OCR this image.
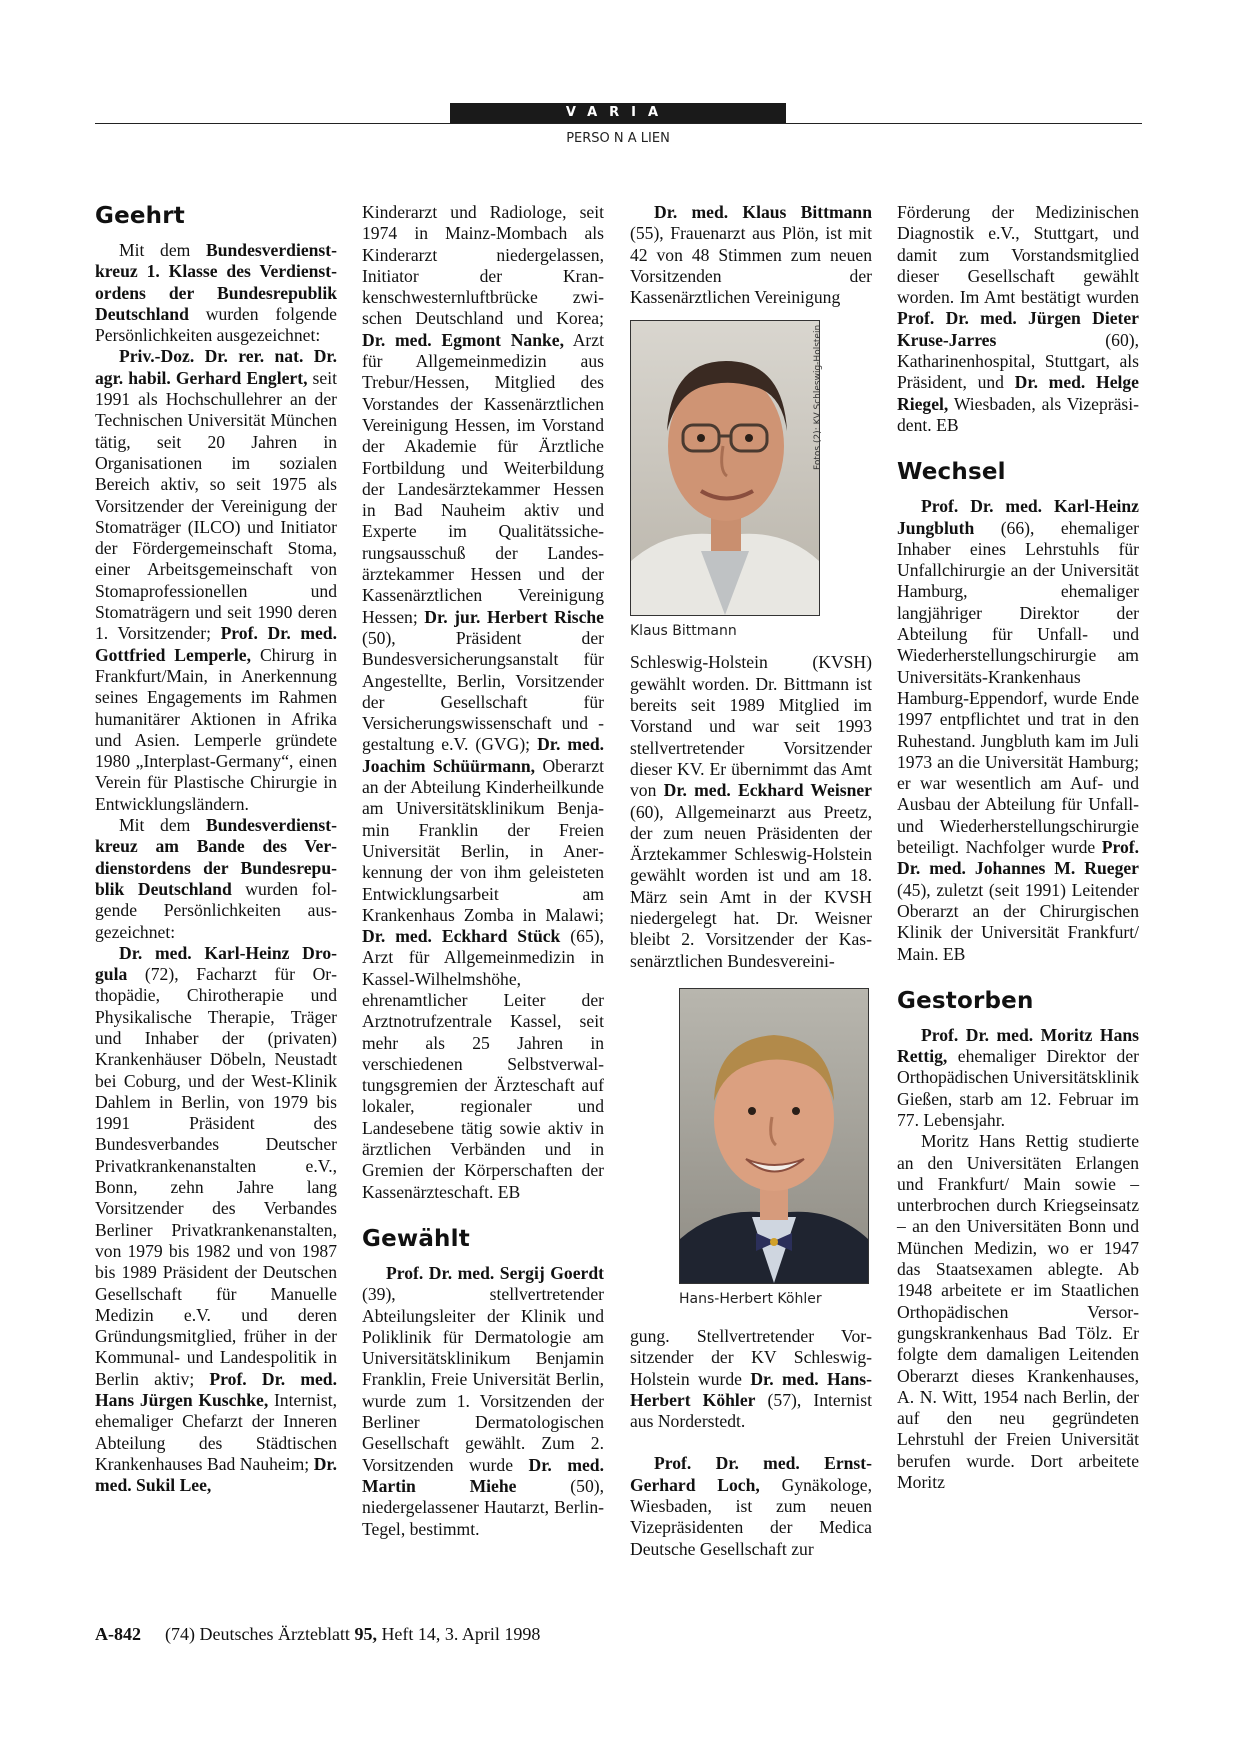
VARIA
PERSO N A LIEN
Geehrt

Mit dem Bundesverdienstkreuz 1. Klasse des Verdienstordens der Bundesrepublik Deutschland wurden folgende Persönlichkeiten ausgezeichnet:

Priv.-Doz. Dr. rer. nat. Dr. agr. habil. Gerhard Englert, seit 1991 als Hochschullehrer an der Technischen Universität München tätig, seit 20 Jahren in Organisationen im sozialen Bereich aktiv, so seit 1975 als Vorsitzender der Vereinigung der Stomaträger (ILCO) und Initiator der Fördergemeinschaft Stoma, einer Arbeitsgemeinschaft von Stomaprofessionellen und Stomaträgern und seit 1990 deren 1. Vorsitzender; Prof. Dr. med. Gottfried Lemperle, Chirurg in Frankfurt/Main, in Anerkennung seines Engagements im Rahmen humanitärer Aktionen in Afrika und Asien. Lemperle gründete 1980 „Interplast-Germany“, einen Verein für Plastische Chirurgie in Entwicklungsländern.

Mit dem Bundesverdienstkreuz am Bande des Verdienstordens der Bundesrepublik Deutschland wurden folgende Persönlichkeiten ausgezeichnet:

Dr. med. Karl-Heinz Drogula (72), Facharzt für Orthopädie, Chirotherapie und Physikalische Therapie, Träger und Inhaber der (privaten) Krankenhäuser Döbeln, Neustadt bei Coburg, und der West-Klinik Dahlem in Berlin, von 1979 bis 1991 Präsident des Bundesverbandes Deutscher Privatkrankenanstalten e.V., Bonn, zehn Jahre lang Vorsitzender des Verbandes Berliner Privatkrankenanstalten, von 1979 bis 1982 und von 1987 bis 1989 Präsident der Deutschen Gesellschaft für Manuelle Medizin e.V. und deren Gründungsmitglied, früher in der Kommunal- und Landespolitik in Berlin aktiv; Prof. Dr. med. Hans Jürgen Kuschke, Internist, ehemaliger Chefarzt der Inneren Abteilung des Städtischen Krankenhauses Bad Nauheim; Dr. med. Sukil Lee,

Kinderarzt und Radiologe, seit 1974 in Mainz-Mombach als Kinderarzt niedergelassen, Initiator der Krankenschwesternluftbrücke zwischen Deutschland und Korea; Dr. med. Egmont Nanke, Arzt für Allgemeinmedizin aus Trebur/Hessen, Mitglied des Vorstandes der Kassenärztlichen Vereinigung Hessen, im Vorstand der Akademie für Ärztliche Fortbildung und Weiterbildung der Landesärztekammer Hessen in Bad Nauheim aktiv und Experte im Qualitätssicherungsausschuß der Landesärztekammer Hessen und der Kassenärztlichen Vereinigung Hessen; Dr. jur. Herbert Rische (50), Präsident der Bundesversicherungsanstalt für Angestellte, Berlin, Vorsitzender der Gesellschaft für Versicherungswissenschaft und -gestaltung e.V. (GVG); Dr. med. Joachim Schüürmann, Oberarzt an der Abteilung Kinderheilkunde am Universitätsklinikum Benjamin Franklin der Freien Universität Berlin, in Anerkennung der von ihm geleisteten Entwicklungsarbeit am Krankenhaus Zomba in Malawi; Dr. med. Eckhard Stück (65), Arzt für Allgemeinmedizin in Kassel-Wilhelmshöhe, ehrenamtlicher Leiter der Arztnotrufzentrale Kassel, seit mehr als 25 Jahren in verschiedenen Selbstverwaltungsgremien der Ärzteschaft auf lokaler, regionaler und Landesebene tätig sowie aktiv in ärztlichen Verbänden und in Gremien der Körperschaften der Kassenärzteschaft. EB

Gewählt

Prof. Dr. med. Sergij Goerdt (39), stellvertretender Abteilungsleiter der Klinik und Poliklinik für Dermatologie am Universitätsklinikum Benjamin Franklin, Freie Universität Berlin, wurde zum 1. Vorsitzenden der Berliner Dermatologischen Gesellschaft gewählt. Zum 2. Vorsitzenden wurde Dr. med. Martin Miehe (50), niedergelassener Hautarzt, Berlin-Tegel, bestimmt.

Dr. med. Klaus Bittmann (55), Frauenarzt aus Plön, ist mit 42 von 48 Stimmen zum neuen Vorsitzenden der Kassenärztlichen Vereinigung

Fotos (2): KV Schleswig-Holstein
Klaus Bittmann

Schleswig-Holstein (KVSH) gewählt worden. Dr. Bittmann ist bereits seit 1989 Mitglied im Vorstand und war seit 1993 stellvertretender Vorsitzender dieser KV. Er übernimmt das Amt von Dr. med. Eckhard Weisner (60), Allgemeinarzt aus Preetz, der zum neuen Präsidenten der Ärztekammer Schleswig-Holstein gewählt worden ist und am 18. März sein Amt in der KVSH niedergelegt hat. Dr. Weisner bleibt 2. Vorsitzender der Kassenärztlichen Bundesvereini-

Hans-Herbert Köhler

gung. Stellvertretender Vorsitzender der KV Schleswig-Holstein wurde Dr. med. Hans-Herbert Köhler (57), Internist aus Norderstedt.

Prof. Dr. med. Ernst-Gerhard Loch, Gynäkologe, Wiesbaden, ist zum neuen Vizepräsidenten der Medica Deutsche Gesellschaft zur

Förderung der Medizinischen Diagnostik e.V., Stuttgart, und damit zum Vorstandsmitglied dieser Gesellschaft gewählt worden. Im Amt bestätigt wurden Prof. Dr. med. Jürgen Dieter Kruse-Jarres (60), Katharinenhospital, Stuttgart, als Präsident, und Dr. med. Helge Riegel, Wiesbaden, als Vizepräsident. EB

Wechsel

Prof. Dr. med. Karl-Heinz Jungbluth (66), ehemaliger Inhaber eines Lehrstuhls für Unfallchirurgie an der Universität Hamburg, ehemaliger langjähriger Direktor der Abteilung für Unfall- und Wiederherstellungschirurgie am Universitäts-Krankenhaus Hamburg-Eppendorf, wurde Ende 1997 entpflichtet und trat in den Ruhestand. Jungbluth kam im Juli 1973 an die Universität Hamburg; er war wesentlich am Auf- und Ausbau der Abteilung für Unfall- und Wiederherstellungschirurgie beteiligt. Nachfolger wurde Prof. Dr. med. Johannes M. Rueger (45), zuletzt (seit 1991) Leitender Oberarzt an der Chirurgischen Klinik der Universität Frankfurt/ Main. EB

Gestorben

Prof. Dr. med. Moritz Hans Rettig, ehemaliger Direktor der Orthopädischen Universitätsklinik Gießen, starb am 12. Februar im 77. Lebensjahr.

Moritz Hans Rettig studierte an den Universitäten Erlangen und Frankfurt/ Main sowie – unterbrochen durch Kriegseinsatz – an den Universitäten Bonn und München Medizin, wo er 1947 das Staatsexamen ablegte. Ab 1948 arbeitete er im Staatlichen Orthopädischen Versorgungskrankenhaus Bad Tölz. Er folgte dem damaligen Leitenden Oberarzt dieses Krankenhauses, A. N. Witt, 1954 nach Berlin, der auf den neu gegründeten Lehrstuhl der Freien Universität berufen wurde. Dort arbeitete Moritz

A-842 (74) Deutsches Ärzteblatt 95, Heft 14, 3. April 1998
